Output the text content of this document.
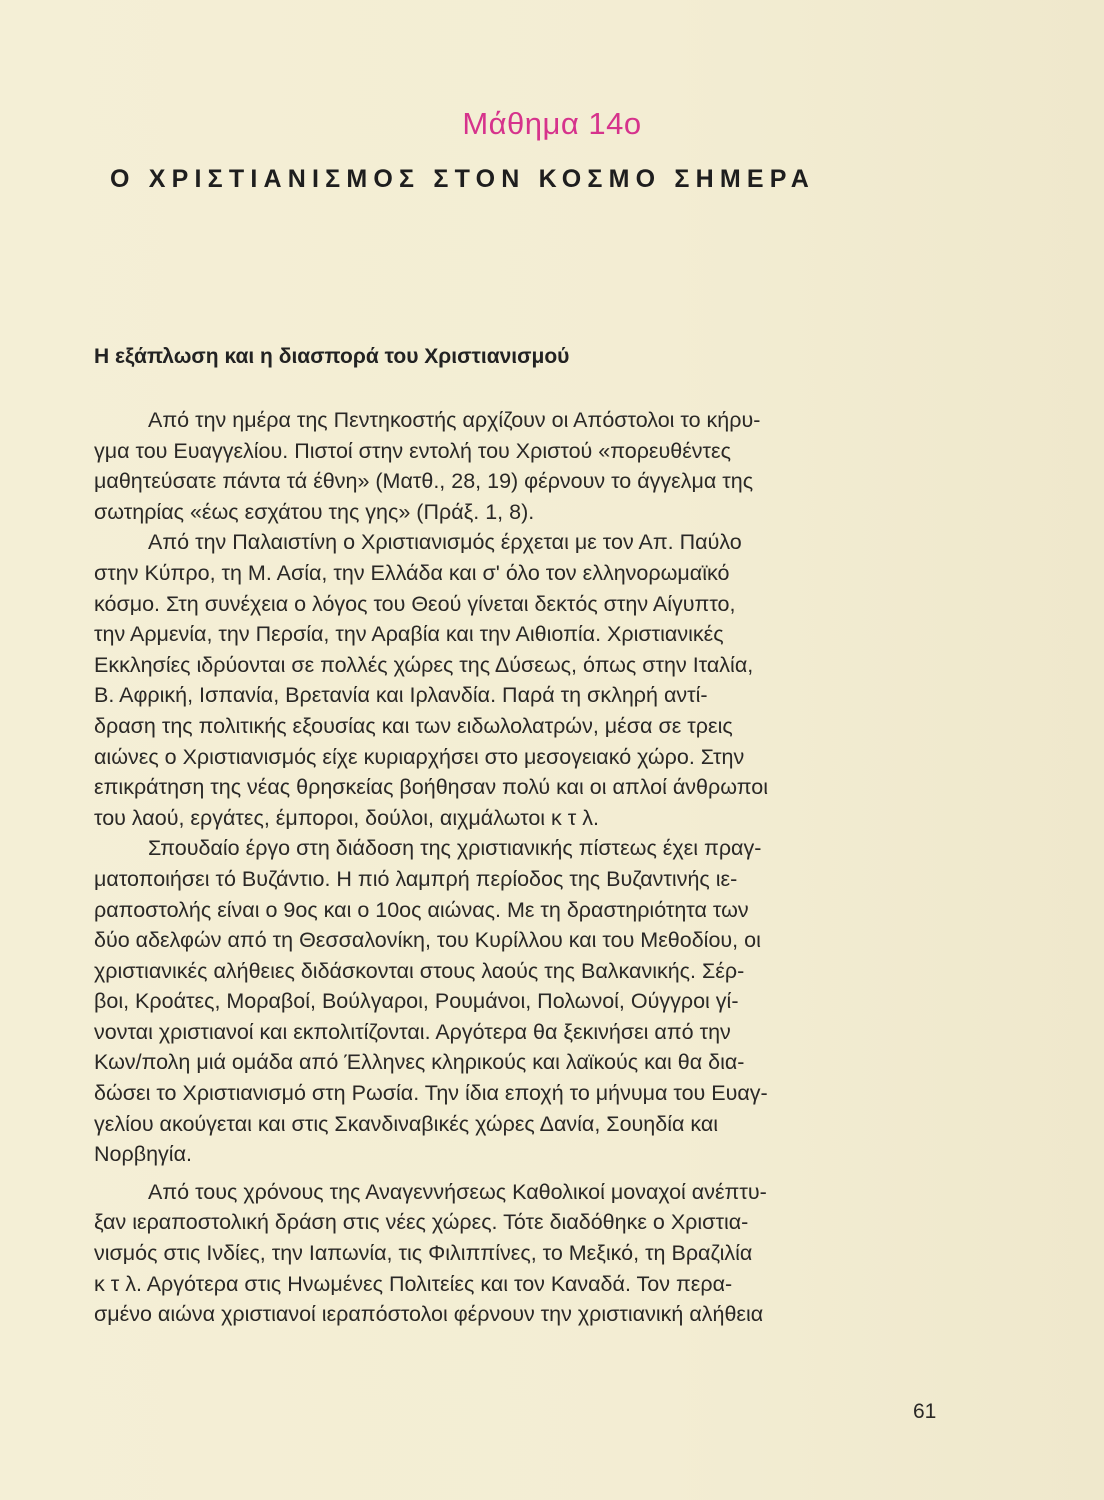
Μάθημα 14ο
Ο ΧΡΙΣΤΙΑΝΙΣΜΟΣ ΣΤΟΝ ΚΟΣΜΟ ΣΗΜΕΡΑ
Η εξάπλωση και η διασπορά του Χριστιανισμού
Από την ημέρα της Πεντηκοστής αρχίζουν οι Απόστολοι το κήρυ-
γμα του Ευαγγελίου. Πιστοί στην εντολή του Χριστού «πορευθέντες
μαθητεύσατε πάντα τά έθνη» (Ματθ., 28, 19) φέρνουν το άγγελμα της
σωτηρίας «έως εσχάτου της γης» (Πράξ. 1, 8).
Από την Παλαιστίνη ο Χριστιανισμός έρχεται με τον Απ. Παύλο
στην Κύπρο, τη Μ. Ασία, την Ελλάδα και σ' όλο τον ελληνορωμαϊκό
κόσμο. Στη συνέχεια ο λόγος του Θεού γίνεται δεκτός στην Αίγυπτο,
την Αρμενία, την Περσία, την Αραβία και την Αιθιοπία. Χριστιανικές
Εκκλησίες ιδρύονται σε πολλές χώρες της Δύσεως, όπως στην Ιταλία,
Β. Αφρική, Ισπανία, Βρετανία και Ιρλανδία. Παρά τη σκληρή αντί-
δραση της πολιτικής εξουσίας και των ειδωλολατρών, μέσα σε τρεις
αιώνες ο Χριστιανισμός είχε κυριαρχήσει στο μεσογειακό χώρο. Στην
επικράτηση της νέας θρησκείας βοήθησαν πολύ και οι απλοί άνθρωποι
του λαού, εργάτες, έμποροι, δούλοι, αιχμάλωτοι κ τ λ.
Σπουδαίο έργο στη διάδοση της χριστιανικής πίστεως έχει πραγ-
ματοποιήσει τό Βυζάντιο. Η πιό λαμπρή περίοδος της Βυζαντινής ιε-
ραποστολής είναι ο 9ος και ο 10ος αιώνας. Με τη δραστηριότητα των
δύο αδελφών από τη Θεσσαλονίκη, του Κυρίλλου και του Μεθοδίου, οι
χριστιανικές αλήθειες διδάσκονται στους λαούς της Βαλκανικής. Σέρ-
βοι, Κροάτες, Μοραβοί, Βούλγαροι, Ρουμάνοι, Πολωνοί, Ούγγροι γί-
νονται χριστιανοί και εκπολιτίζονται. Αργότερα θα ξεκινήσει από την
Κων/πολη μιά ομάδα από Έλληνες κληρικούς και λαϊκούς και θα δια-
δώσει το Χριστιανισμό στη Ρωσία. Την ίδια εποχή το μήνυμα του Ευαγ-
γελίου ακούγεται και στις Σκανδιναβικές χώρες Δανία, Σουηδία και
Νορβηγία.
Από τους χρόνους της Αναγεννήσεως Καθολικοί μοναχοί ανέπτυ-
ξαν ιεραποστολική δράση στις νέες χώρες. Τότε διαδόθηκε ο Χριστια-
νισμός στις Ινδίες, την Ιαπωνία, τις Φιλιππίνες, το Μεξικό, τη Βραζιλία
κ τ λ. Αργότερα στις Ηνωμένες Πολιτείες και τον Καναδά. Τον περα-
σμένο αιώνα χριστιανοί ιεραπόστολοι φέρνουν την χριστιανική αλήθεια
61
